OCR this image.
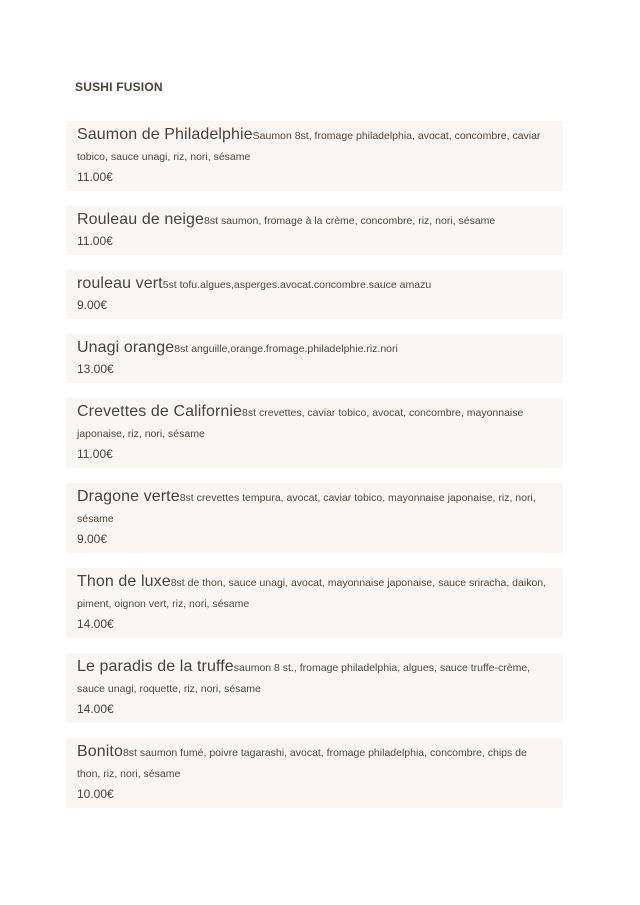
SUSHI FUSION
Saumon de PhiladelphieSaumon 8st, fromage philadelphia, avocat, concombre, caviar tobico, sauce unagi, riz, nori, sésame
11.00€
Rouleau de neige8st saumon, fromage à la crème, concombre, riz, nori, sésame
11.00€
rouleau vert5st tofu.algues,asperges.avocat.concombre.sauce amazu
9.00€
Unagi orange8st anguille,orange.fromage.philadelphie.riz.nori
13.00€
Crevettes de Californie8st crevettes, caviar tobico, avocat, concombre, mayonnaise japonaise, riz, nori, sésame
11.00€
Dragone verte8st crevettes tempura, avocat, caviar tobico, mayonnaise japonaise, riz, nori, sésame
9.00€
Thon de luxe8st de thon, sauce unagi, avocat, mayonnaise japonaise, sauce sriracha, daikon, piment, oignon vert, riz, nori, sésame
14.00€
Le paradis de la truffesaumon 8 st., fromage philadelphia, algues, sauce truffe-crème, sauce unagi, roquette, riz, nori, sésame
14.00€
Bonito8st saumon fumé, poivre tagarashi, avocat, fromage philadelphia, concombre, chips de thon, riz, nori, sésame
10.00€
